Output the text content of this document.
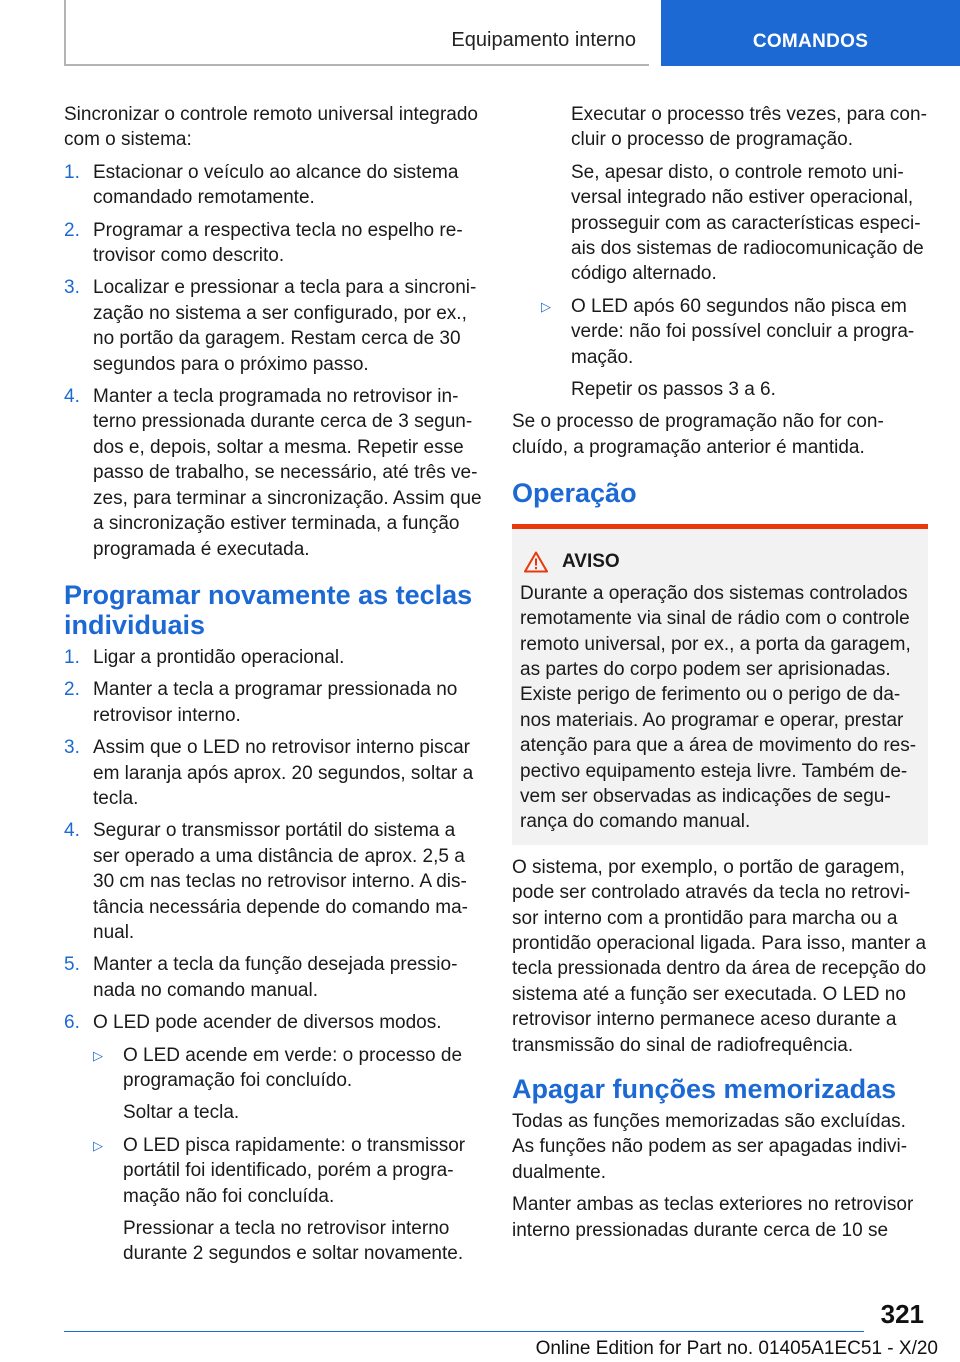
Equipamento interno	COMANDOS

Sincronizar o controle remoto universal integrado com o sistema:

1. Estacionar o veículo ao alcance do sistema comandado remotamente.
2. Programar a respectiva tecla no espelho retrovisor como descrito.
3. Localizar e pressionar a tecla para a sincronização no sistema a ser configurado, por ex., no portão da garagem. Restam cerca de 30 segundos para o próximo passo.
4. Manter a tecla programada no retrovisor interno pressionada durante cerca de 3 segundos e, depois, soltar a mesma. Repetir esse passo de trabalho, se necessário, até três vezes, para terminar a sincronização. Assim que a sincronização estiver terminada, a função programada é executada.
Programar novamente as teclas individuais
1. Ligar a prontidão operacional.
2. Manter a tecla a programar pressionada no retrovisor interno.
3. Assim que o LED no retrovisor interno piscar em laranja após aprox. 20 segundos, soltar a tecla.
4. Segurar o transmissor portátil do sistema a ser operado a uma distância de aprox. 2,5 a 30 cm nas teclas no retrovisor interno. A distância necessária depende do comando manual.
5. Manter a tecla da função desejada pressionada no comando manual.
6. O LED pode acender de diversos modos.
▷	O LED acende em verde: o processo de programação foi concluído.
Soltar a tecla.
▷	O LED pisca rapidamente: o transmissor portátil foi identificado, porém a programação não foi concluída.
Pressionar a tecla no retrovisor interno durante 2 segundos e soltar novamente.
Executar o processo três vezes, para concluir o processo de programação.
Se, apesar disto, o controle remoto universal integrado não estiver operacional, prosseguir com as características especiais dos sistemas de radiocomunicação de código alternado.
▷	O LED após 60 segundos não pisca em verde: não foi possível concluir a programação.
Repetir os passos 3 a 6.

Se o processo de programação não for concluído, a programação anterior é mantida.

Operação
AVISO

Durante a operação dos sistemas controlados remotamente via sinal de rádio com o controle remoto universal, por ex., a porta da garagem, as partes do corpo podem ser aprisionadas. Existe perigo de ferimento ou o perigo de danos materiais. Ao programar e operar, prestar atenção para que a área de movimento do respectivo equipamento esteja livre. Também devem ser observadas as indicações de segurança do comando manual.

O sistema, por exemplo, o portão de garagem, pode ser controlado através da tecla no retrovisor interno com a prontidão para marcha ou a prontidão operacional ligada. Para isso, manter a tecla pressionada dentro da área de recepção do sistema até a função ser executada. O LED no retrovisor interno permanece aceso durante a transmissão do sinal de radiofrequência.

Apagar funções memorizadas

Todas as funções memorizadas são excluídas. As funções não podem as ser apagadas individualmente.

Manter ambas as teclas exteriores no retrovisor interno pressionadas durante cerca de 10 se

321
Online Edition for Part no. 01405A1EC51 - X/20
